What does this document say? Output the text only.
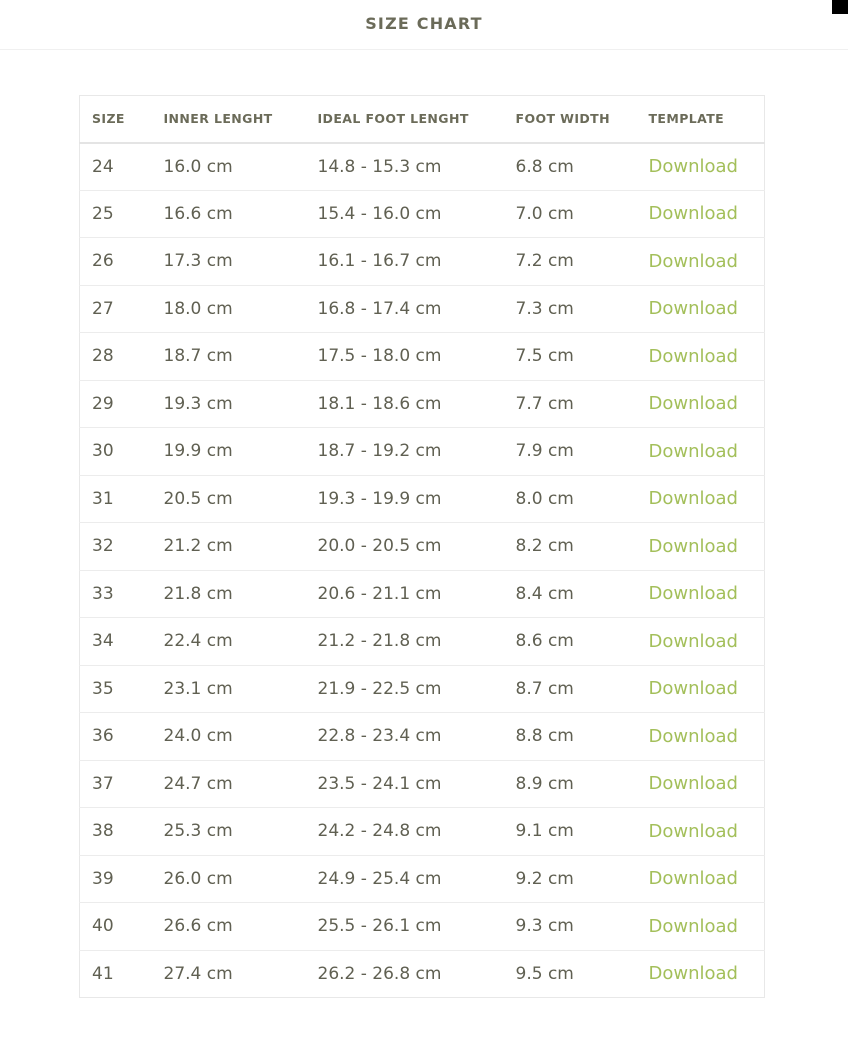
SIZE CHART
SIZE	INNER LENGHT	IDEAL FOOT LENGHT	FOOT WIDTH	TEMPLATE
24	16.0 cm	14.8 - 15.3 cm	6.8 cm	Download
25	16.6 cm	15.4 - 16.0 cm	7.0 cm	Download
26	17.3 cm	16.1 - 16.7 cm	7.2 cm	Download
27	18.0 cm	16.8 - 17.4 cm	7.3 cm	Download
28	18.7 cm	17.5 - 18.0 cm	7.5 cm	Download
29	19.3 cm	18.1 - 18.6 cm	7.7 cm	Download
30	19.9 cm	18.7 - 19.2 cm	7.9 cm	Download
31	20.5 cm	19.3 - 19.9 cm	8.0 cm	Download
32	21.2 cm	20.0 - 20.5 cm	8.2 cm	Download
33	21.8 cm	20.6 - 21.1 cm	8.4 cm	Download
34	22.4 cm	21.2 - 21.8 cm	8.6 cm	Download
35	23.1 cm	21.9 - 22.5 cm	8.7 cm	Download
36	24.0 cm	22.8 - 23.4 cm	8.8 cm	Download
37	24.7 cm	23.5 - 24.1 cm	8.9 cm	Download
38	25.3 cm	24.2 - 24.8 cm	9.1 cm	Download
39	26.0 cm	24.9 - 25.4 cm	9.2 cm	Download
40	26.6 cm	25.5 - 26.1 cm	9.3 cm	Download
41	27.4 cm	26.2 - 26.8 cm	9.5 cm	Download
